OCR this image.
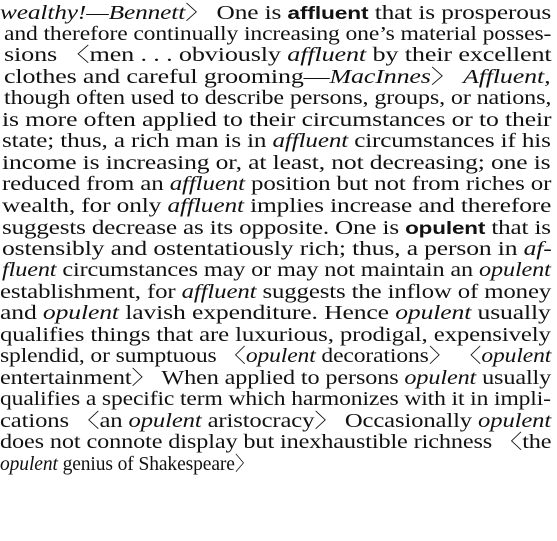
wealthy!—Bennett〉 One is affluent that is prosperous
and therefore continually increasing one’s material posses-
sions 〈men . . . obviously affluent by their excellent
clothes and careful grooming—MacInnes〉 Affluent,
though often used to describe persons, groups, or nations,
is more often applied to their circumstances or to their
state; thus, a rich man is in affluent circumstances if his
income is increasing or, at least, not decreasing; one is
reduced from an affluent position but not from riches or
wealth, for only affluent implies increase and therefore
suggests decrease as its opposite. One is opulent that is
ostensibly and ostentatiously rich; thus, a person in af-
fluent circumstances may or may not maintain an opulent
establishment, for affluent suggests the inflow of money
and opulent lavish expenditure. Hence opulent usually
qualifies things that are luxurious, prodigal, expensively
splendid, or sumptuous 〈opulent decorations〉 〈opulent
entertainment〉 When applied to persons opulent usually
qualifies a specific term which harmonizes with it in impli-
cations 〈an opulent aristocracy〉 Occasionally opulent
does not connote display but inexhaustible richness 〈the
opulent genius of Shakespeare〉
